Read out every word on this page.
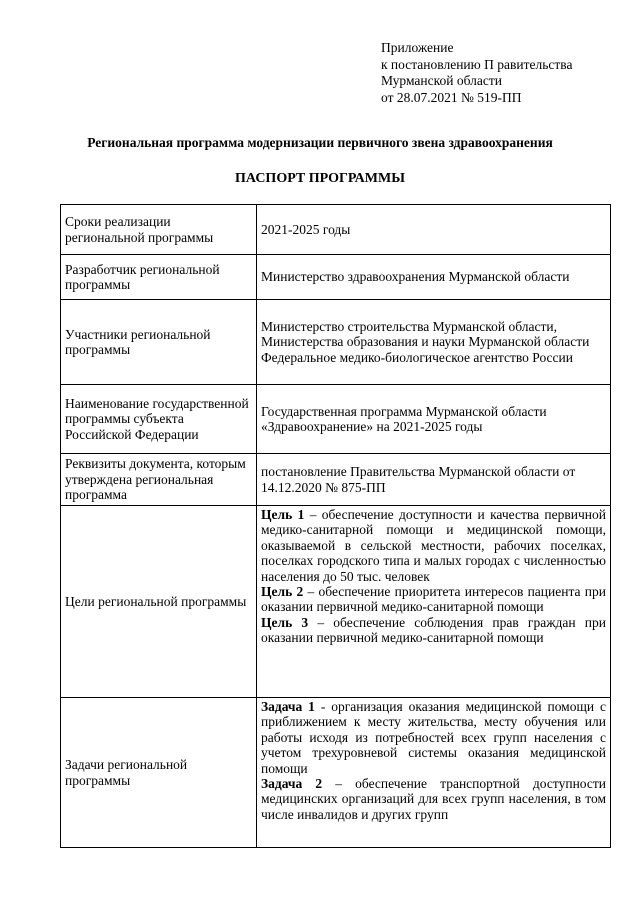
Приложение
к постановлению П равительства
Мурманской области
от 28.07.2021 № 519-ПП
Региональная программа модернизации первичного звена здравоохранения
ПАСПОРТ ПРОГРАММЫ
Сроки реализации региональной программы	2021-2025 годы
Разработчик региональной программы	Министерство здравоохранения Мурманской области
Участники региональной программы	Министерство строительства Мурманской области,

Министерства образования и науки Мурманской области

Федеральное медико-биологическое агентство России

Наименование государственной программы субъекта Российской Федерации	Государственная программа Мурманской области «Здравоохранение» на 2021-2025 годы
Реквизиты документа, которым утверждена региональная программа	постановление Правительства Мурманской области от 14.12.2020 № 875-ПП
Цели региональной программы	Цель 1 – обеспечение доступности и качества первичной медико-санитарной помощи и медицинской помощи, оказываемой в сельской местности, рабочих поселках, поселках городского типа и малых городах с численностью населения до 50 тыс. человек

Цель 2 – обеспечение приоритета интересов пациента при оказании первичной медико-санитарной помощи

Цель 3 – обеспечение соблюдения прав граждан при оказании первичной медико-санитарной помощи

Задачи региональной программы	Задача 1 - организация оказания медицинской помощи с приближением к месту жительства, месту обучения или работы исходя из потребностей всех групп населения с учетом трехуровневой системы оказания медицинской помощи

Задача 2 – обеспечение транспортной доступности медицинских организаций для всех групп населения, в том числе инвалидов и других групп
